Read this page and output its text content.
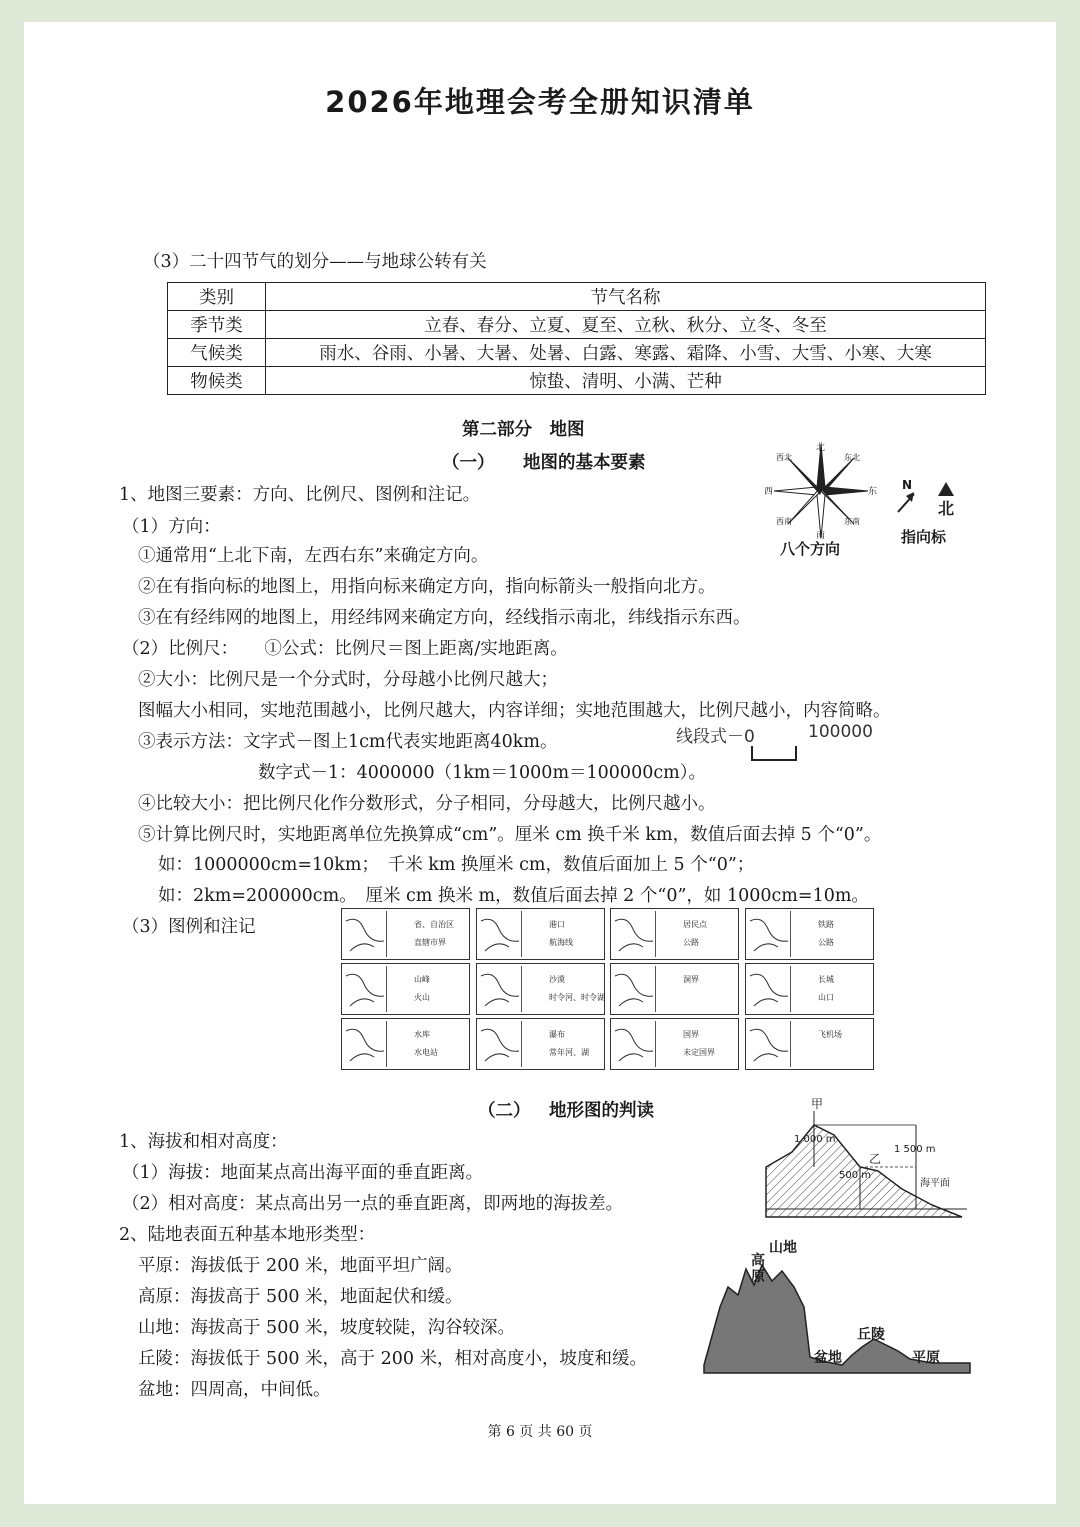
2026年地理会考全册知识清单
（3）二十四节气的划分——与地球公转有关
类别	节气名称
季节类	立春、春分、立夏、夏至、立秋、秋分、立冬、冬至
气候类	雨水、谷雨、小暑、大暑、处暑、白露、寒露、霜降、小雪、大雪、小寒、大寒
物候类	惊蛰、清明、小满、芒种
第二部分　地图
（一） 地图的基本要素
1、地图三要素：方向、比例尺、图例和注记。
（1）方向：
①通常用“上北下南，左西右东”来确定方向。
②在有指向标的地图上，用指向标来确定方向，指向标箭头一般指向北方。
③在有经纬网的地图上，用经纬网来确定方向，经线指示南北，纬线指示东西。
（2）比例尺：　　①公式：比例尺＝图上距离/实地距离。
②大小：比例尺是一个分式时，分母越小比例尺越大；
图幅大小相同，实地范围越小，比例尺越大，内容详细；实地范围越大，比例尺越小，内容简略。
③表示方法：文字式－图上1cm代表实地距离40km。
数字式－1：4000000（1km＝1000m＝100000cm）。
④比较大小：把比例尺化作分数形式，分子相同，分母越大，比例尺越小。
⑤计算比例尺时，实地距离单位先换算成“cm”。厘米 cm 换千米 km，数值后面去掉 5 个“0”。
如：1000000cm=10km；　千米 km 换厘米 cm，数值后面加上 5 个“0”；
如：2km=200000cm。　厘米 cm 换米 m，数值后面去掉 2 个“0”，如 1000cm=10m。
（3）图例和注记
线段式－0	100000
北
南
东
西
东北
西北
东南
西南
八个方向
N
北
指向标
省、自治区
直辖市界
港口
航海线
居民点
公路
铁路
公路
山峰
火山
沙漠
时令河、时令湖
洞界	长城
山口
水库
水电站
瀑布
常年河、湖
国界
未定国界
飞机场
（二） 地形图的判读
1、海拔和相对高度：
（1）海拔：地面某点高出海平面的垂直距离。
（2）相对高度：某点高出另一点的垂直距离，即两地的海拔差。
2、陆地表面五种基本地形类型：
平原：海拔低于 200 米，地面平坦广阔。
高原：海拔高于 500 米，地面起伏和缓。
山地：海拔高于 500 米，坡度较陡，沟谷较深。
丘陵：海拔低于 500 米，高于 200 米，相对高度小，坡度和缓。
盆地：四周高，中间低。
甲
乙
1 000 m
1 500 m
500 m
海平面
高
原
山地
丘陵
盆地	平原
第 6 页 共 60 页
